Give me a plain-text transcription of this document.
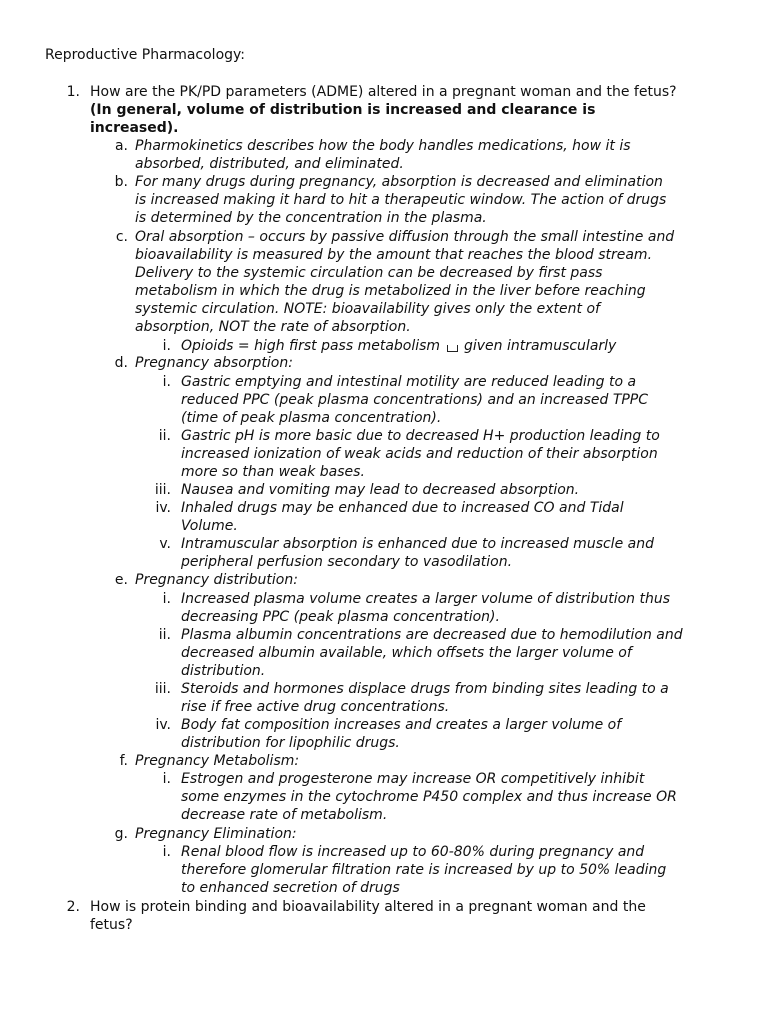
Reproductive Pharmacology:
1. How are the PK/PD parameters (ADME) altered in a pregnant woman and the fetus?
(In general, volume of distribution is increased and clearance is
increased).
a. Pharmokinetics describes how the body handles medications, how it is
absorbed, distributed, and eliminated.
b. For many drugs during pregnancy, absorption is decreased and elimination
is increased making it hard to hit a therapeutic window. The action of drugs
is determined by the concentration in the plasma.
c. Oral absorption – occurs by passive diffusion through the small intestine and
bioavailability is measured by the amount that reaches the blood stream.
Delivery to the systemic circulation can be decreased by first pass
metabolism in which the drug is metabolized in the liver before reaching
systemic circulation. NOTE: bioavailability gives only the extent of
absorption, NOT the rate of absorption.
i. Opioids = high first pass metabolism given intramuscularly
d. Pregnancy absorption:
i. Gastric emptying and intestinal motility are reduced leading to a
reduced PPC (peak plasma concentrations) and an increased TPPC
(time of peak plasma concentration).
ii. Gastric pH is more basic due to decreased H+ production leading to
increased ionization of weak acids and reduction of their absorption
more so than weak bases.
iii. Nausea and vomiting may lead to decreased absorption.
iv. Inhaled drugs may be enhanced due to increased CO and Tidal
Volume.
v. Intramuscular absorption is enhanced due to increased muscle and
peripheral perfusion secondary to vasodilation.
e. Pregnancy distribution:
i. Increased plasma volume creates a larger volume of distribution thus
decreasing PPC (peak plasma concentration).
ii. Plasma albumin concentrations are decreased due to hemodilution and
decreased albumin available, which offsets the larger volume of
distribution.
iii. Steroids and hormones displace drugs from binding sites leading to a
rise if free active drug concentrations.
iv. Body fat composition increases and creates a larger volume of
distribution for lipophilic drugs.
f. Pregnancy Metabolism:
i. Estrogen and progesterone may increase OR competitively inhibit
some enzymes in the cytochrome P450 complex and thus increase OR
decrease rate of metabolism.
g. Pregnancy Elimination:
i. Renal blood flow is increased up to 60-80% during pregnancy and
therefore glomerular filtration rate is increased by up to 50% leading
to enhanced secretion of drugs
2. How is protein binding and bioavailability altered in a pregnant woman and the
fetus?
